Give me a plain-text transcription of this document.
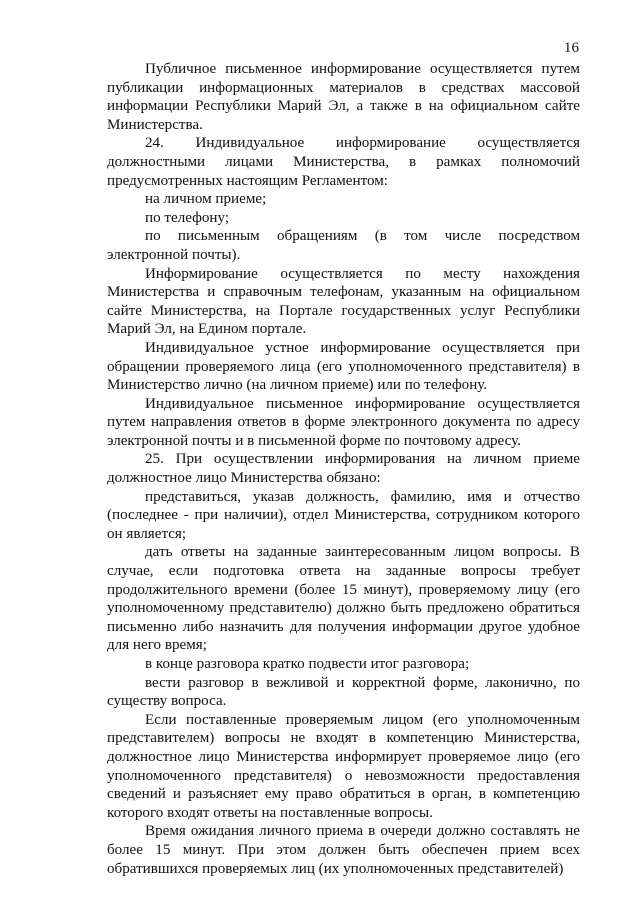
16

Публичное письменное информирование осуществляется путем публикации информационных материалов в средствах массовой информации Республики Марий Эл, а также в на официальном сайте Министерства.

24. Индивидуальное информирование осуществляется должностными лицами Министерства, в рамках полномочий предусмотренных настоящим Регламентом:

на личном приеме;

по телефону;

по письменным обращениям (в том числе посредством электронной почты).

Информирование осуществляется по месту нахождения Министерства и справочным телефонам, указанным на официальном сайте Министерства, на Портале государственных услуг Республики Марий Эл, на Едином портале.

Индивидуальное устное информирование осуществляется при обращении проверяемого лица (его уполномоченного представителя) в Министерство лично (на личном приеме) или по телефону.

Индивидуальное письменное информирование осуществляется путем направления ответов в форме электронного документа по адресу электронной почты и в письменной форме по почтовому адресу.

25. При осуществлении информирования на личном приеме должностное лицо Министерства обязано:

представиться, указав должность, фамилию, имя и отчество (последнее - при наличии), отдел Министерства, сотрудником которого он является;

дать ответы на заданные заинтересованным лицом вопросы. В случае, если подготовка ответа на заданные вопросы требует продолжительного времени (более 15 минут), проверяемому лицу (его уполномоченному представителю) должно быть предложено обратиться письменно либо назначить для получения информации другое удобное для него время;

в конце разговора кратко подвести итог разговора;

вести разговор в вежливой и корректной форме, лаконично, по существу вопроса.

Если поставленные проверяемым лицом (его уполномоченным представителем) вопросы не входят в компетенцию Министерства, должностное лицо Министерства информирует проверяемое лицо (его уполномоченного представителя) о невозможности предоставления сведений и разъясняет ему право обратиться в орган, в компетенцию которого входят ответы на поставленные вопросы.

Время ожидания личного приема в очереди должно составлять не более 15 минут. При этом должен быть обеспечен прием всех обратившихся проверяемых лиц (их уполномоченных представителей)
